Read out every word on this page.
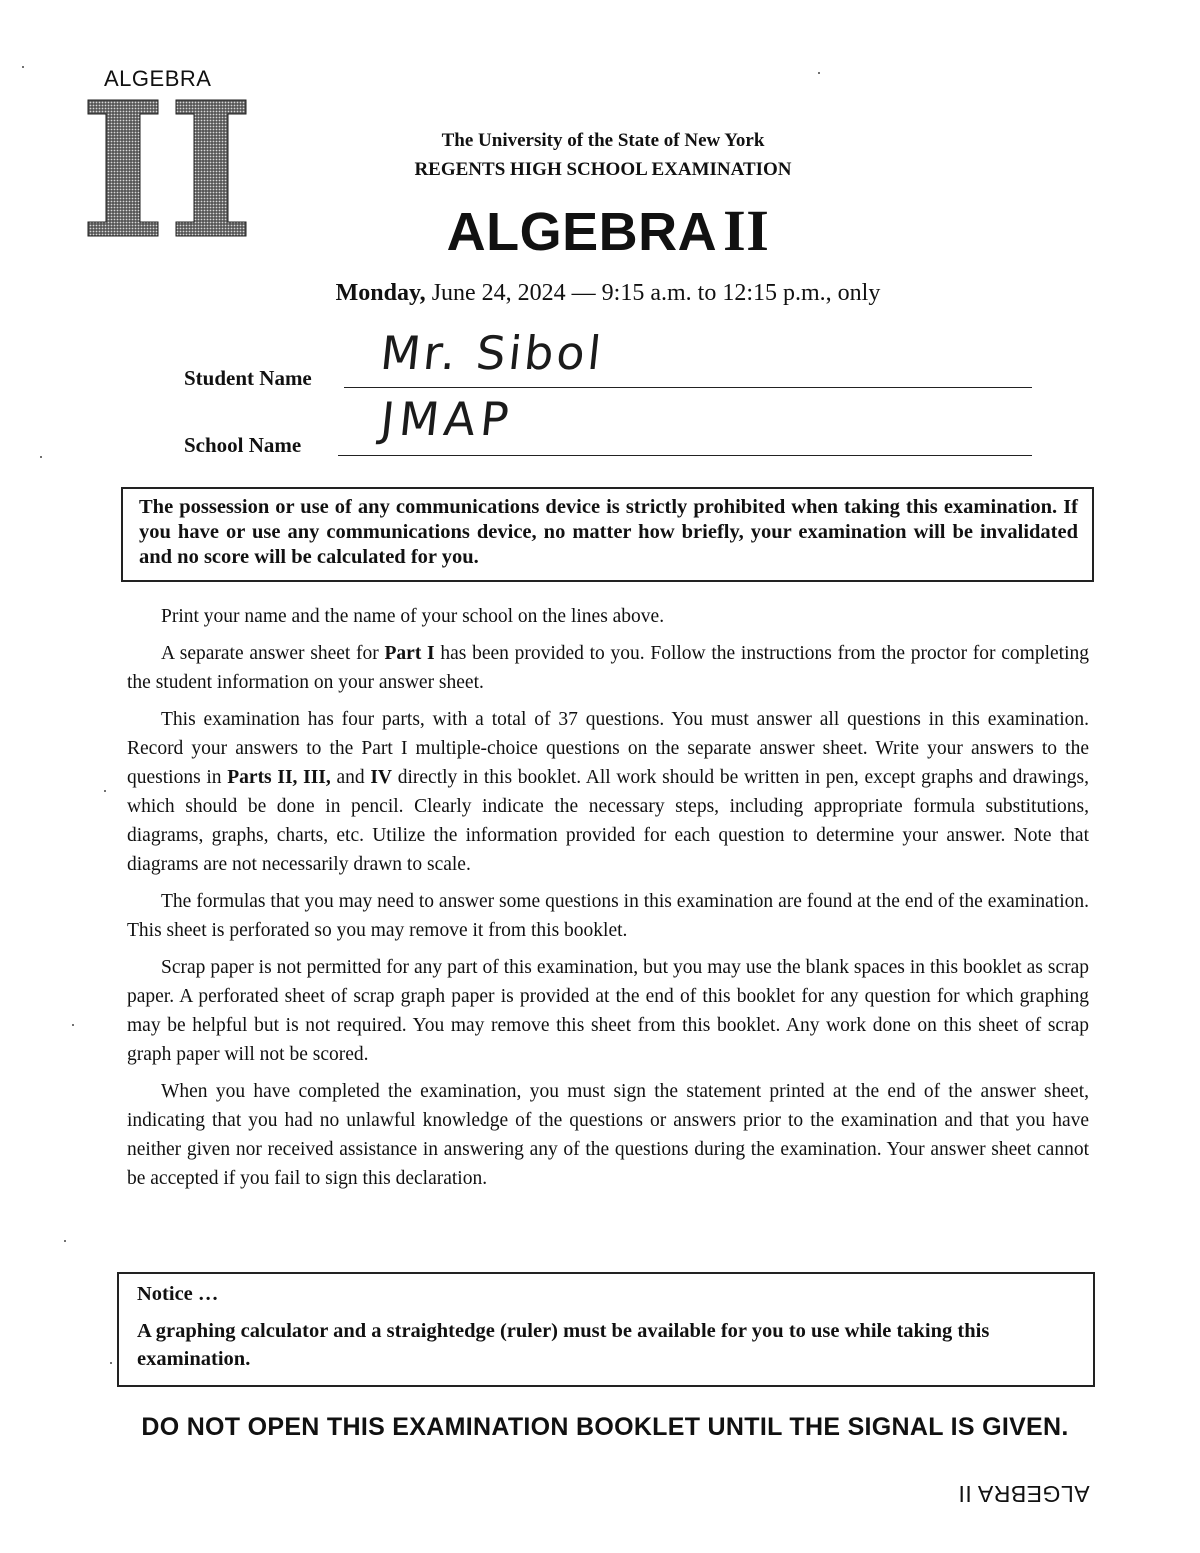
ALGEBRA
The University of the State of New York
REGENTS HIGH SCHOOL EXAMINATION
ALGEBRA II
Monday, June 24, 2024 — 9:15 a.m. to 12:15 p.m., only
Student Name Mr. Sibol
School Name JMAP
The possession or use of any communications device is strictly prohibited when taking this examination. If you have or use any communications device, no matter how briefly, your examination will be invalidated and no score will be calculated for you.

Print your name and the name of your school on the lines above.

A separate answer sheet for Part I has been provided to you. Follow the instructions from the proctor for completing the student information on your answer sheet.

This examination has four parts, with a total of 37 questions. You must answer all questions in this examination. Record your answers to the Part I multiple-choice questions on the separate answer sheet. Write your answers to the questions in Parts II, III, and IV directly in this booklet. All work should be written in pen, except graphs and drawings, which should be done in pencil. Clearly indicate the necessary steps, including appropriate formula substitutions, diagrams, graphs, charts, etc. Utilize the information provided for each question to determine your answer. Note that diagrams are not necessarily drawn to scale.

The formulas that you may need to answer some questions in this examination are found at the end of the examination. This sheet is perforated so you may remove it from this booklet.

Scrap paper is not permitted for any part of this examination, but you may use the blank spaces in this booklet as scrap paper. A perforated sheet of scrap graph paper is provided at the end of this booklet for any question for which graphing may be helpful but is not required. You may remove this sheet from this booklet. Any work done on this sheet of scrap graph paper will not be scored.

When you have completed the examination, you must sign the statement printed at the end of the answer sheet, indicating that you had no unlawful knowledge of the questions or answers prior to the examination and that you have neither given nor received assistance in answering any of the questions during the examination. Your answer sheet cannot be accepted if you fail to sign this declaration.

Notice …
A graphing calculator and a straightedge (ruler) must be available for you to use while taking this examination.
DO NOT OPEN THIS EXAMINATION BOOKLET UNTIL THE SIGNAL IS GIVEN.
ALGEBRA II
